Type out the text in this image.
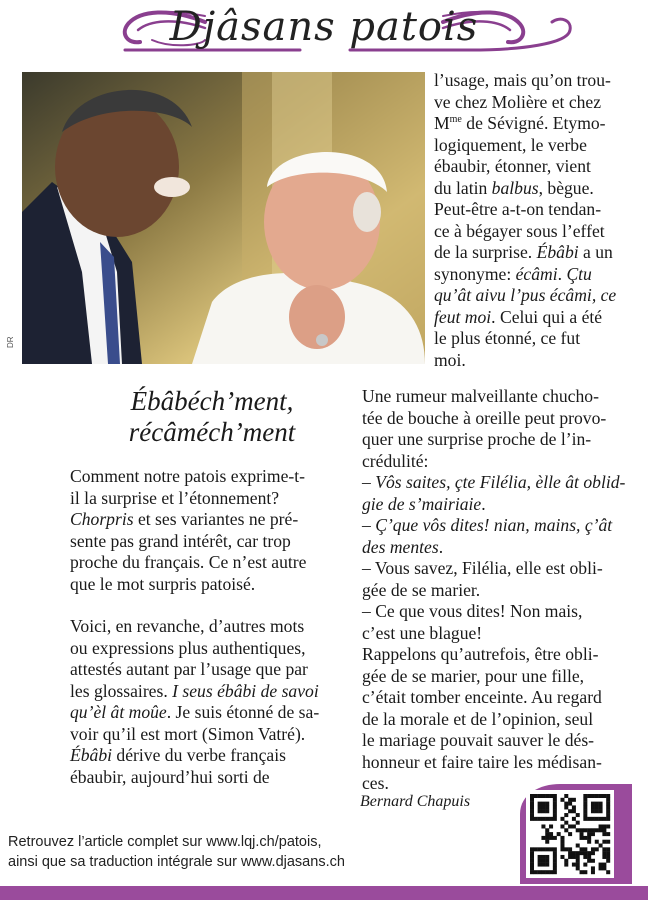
Djâsans patois
DR

l’usage, mais qu’on trou-

ve chez Molière et chez

$M^{me}$ de Sévigné. Etymo-

logiquement, le verbe

ébaubir, étonner, vient

du latin balbus, bègue.

Peut-être a-t-on tendan-

ce à bégayer sous l’effet

de la surprise. Ébâbi a un

synonyme: écâmi. Çtu

qu’ât aivu l’pus écâmi, ce

feut moi. Celui qui a été

le plus étonné, ce fut

moi.

Ébâbéch’ment,
récâméch’ment

Comment notre patois exprime-t-

il la surprise et l’étonnement?

Chorpris et ses variantes ne pré-

sente pas grand intérêt, car trop

proche du français. Ce n’est autre

que le mot surpris patoisé.

Voici, en revanche, d’autres mots

ou expressions plus authentiques,

attestés autant par l’usage que par

les glossaires. I seus ébâbi de savoi

qu’èl ât moûe. Je suis étonné de sa-

voir qu’il est mort (Simon Vatré).

Ébâbi dérive du verbe français

ébaubir, aujourd’hui sorti de

Une rumeur malveillante chucho-

tée de bouche à oreille peut provo-

quer une surprise proche de l’in-

crédulité:

– Vôs saites, çte Filélia, èlle ât oblid-

gie de s’mairiaie.

– Ç’que vôs dites! nian, mains, ç’ât

des mentes.

– Vous savez, Filélia, elle est obli-

gée de se marier.

– Ce que vous dites! Non mais,

c’est une blague!

Rappelons qu’autrefois, être obli-

gée de se marier, pour une fille,

c’était tomber enceinte. Au regard

de la morale et de l’opinion, seul

le mariage pouvait sauver le dés-

honneur et faire taire les médisan-

ces.

Bernard Chapuis
Retrouvez l’article complet sur www.lqj.ch/patois,
ainsi que sa traduction intégrale sur www.djasans.ch
